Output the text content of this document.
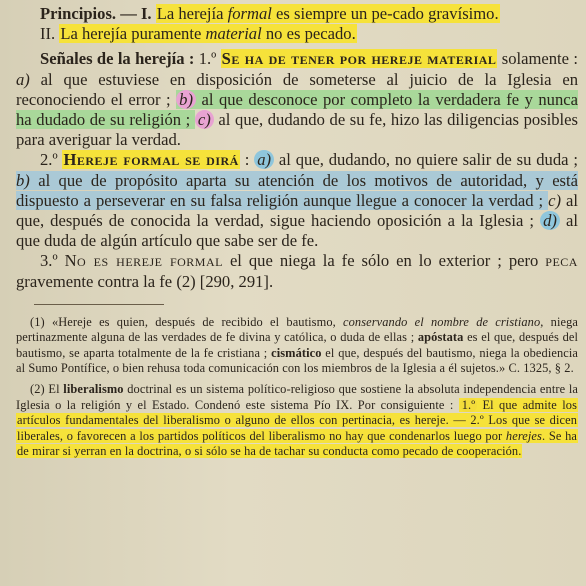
Principios. — I. La herejía formal es siempre un pe-cado gravísimo.

II. La herejía puramente material no es pecado.

Señales de la herejía : 1.º Se ha de tener por hereje material solamente : a) al que estuviese en disposición de someterse al juicio de la Iglesia en reconociendo el error ; b) al que desconoce por completo la verdadera fe y nunca ha dudado de su religión ; c) al que, dudando de su fe, hizo las diligencias posibles para averiguar la verdad.

2.º Hereje formal se dirá : a) al que, dudando, no quiere salir de su duda ; b) al que de propósito aparta su atención de los motivos de autoridad, y está dispuesto a perseverar en su falsa religión aunque llegue a conocer la verdad ; c) al que, después de conocida la verdad, sigue haciendo oposición a la Iglesia ; d) al que duda de algún artículo que sabe ser de fe.

3.º No es hereje formal el que niega la fe sólo en lo exterior ; pero peca gravemente contra la fe (2) [290, 291].

(1) «Hereje es quien, después de recibido el bautismo, conservando el nombre de cristiano, niega pertinazmente alguna de las verdades de fe divina y católica, o duda de ellas ; apóstata es el que, después del bautismo, se aparta totalmente de la fe cristiana ; cismático el que, después del bautismo, niega la obediencia al Sumo Pontífice, o bien rehusa toda comunicación con los miembros de la Iglesia a él sujetos.» C. 1325, § 2.

(2) El liberalismo doctrinal es un sistema político-religioso que sostiene la absoluta independencia entre la Iglesia o la religión y el Estado. Condenó este sistema Pío IX. Por consiguiente : 1.º El que admite los artículos fundamentales del liberalismo o alguno de ellos con pertinacia, es hereje. — 2.º Los que se dicen liberales, o favorecen a los partidos políticos del liberalismo no hay que condenarlos luego por herejes. Se ha de mirar si yerran en la doctrina, o si sólo se ha de tachar su conducta como pecado de cooperación.
